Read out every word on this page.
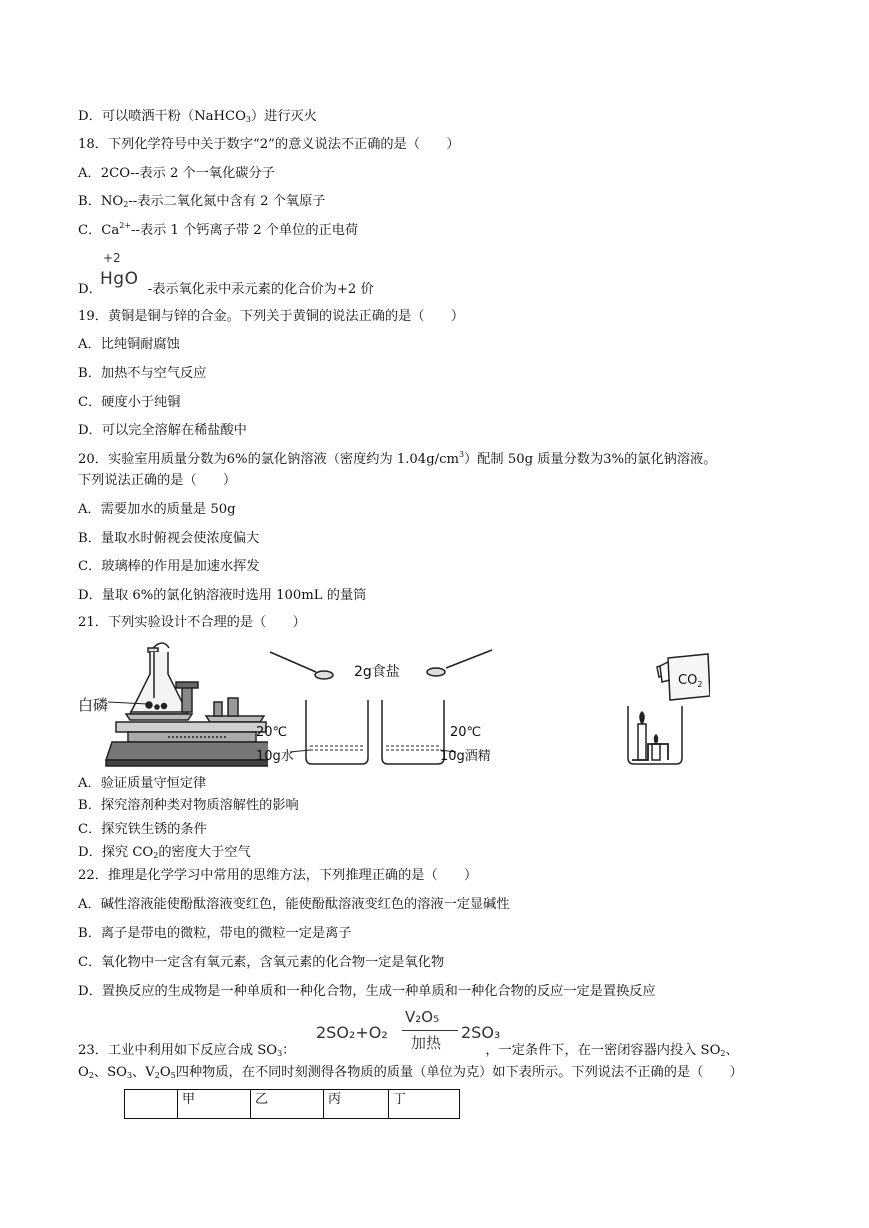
D．可以喷洒干粉（NaHCO$_3$）进行灭火
18．下列化学符号中关于数字“2”的意义说法不正确的是（　　）
A．2CO--表示 2 个一氧化碳分子
B．$NO_2--$表示二氧化氮中含有 2 个氧原子
C．$Ca^{2+}--$表示 1 个钙离子带 2 个单位的正电荷
+2
HgO
D．	-表示氧化汞中汞元素的化合价为+2 价
19．黄铜是铜与锌的合金。下列关于黄铜的说法正确的是（　　）
A．比纯铜耐腐蚀
B．加热不与空气反应
C．硬度小于纯铜
D．可以完全溶解在稀盐酸中
20．实验室用质量分数为6%的氯化钠溶液（密度约为 $1.04g/cm^3$）配制 50g 质量分数为3%的氯化钠溶液。
下列说法正确的是（　　）
A．需要加水的质量是 50g
B．量取水时俯视会使浓度偏大
C．玻璃棒的作用是加速水挥发
D．量取 6%的氯化钠溶液时选用 100mL 的量筒
21．下列实验设计不合理的是（　　）
白磷
2g食盐
20℃
10g水
20℃
10g酒精
$CO_2$
A．验证质量守恒定律
B．探究溶剂种类对物质溶解性的影响
C．探究铁生锈的条件
D．探究 $CO_2$的密度大于空气
22．推理是化学学习中常用的思维方法，下列推理正确的是（　　）
A．碱性溶液能使酚酞溶液变红色，能使酚酞溶液变红色的溶液一定显碱性
B．离子是带电的微粒，带电的微粒一定是离子
C．氧化物中一定含有氧元素，含氧元素的化合物一定是氧化物
D．置换反应的生成物是一种单质和一种化合物，生成一种单质和一种化合物的反应一定是置换反应
23．工业中利用如下反应合成 $SO_3$：	，一定条件下，在一密闭容器内投入 $SO_2$、
2SO₂+O₂
V₂O₅
加热
2SO₃
$O_2$、$SO_3$、$V_2O_5$四种物质，在不同时刻测得各物质的质量（单位为克）如下表所示。下列说法不正确的是（　　）
	甲	乙	丙	丁
